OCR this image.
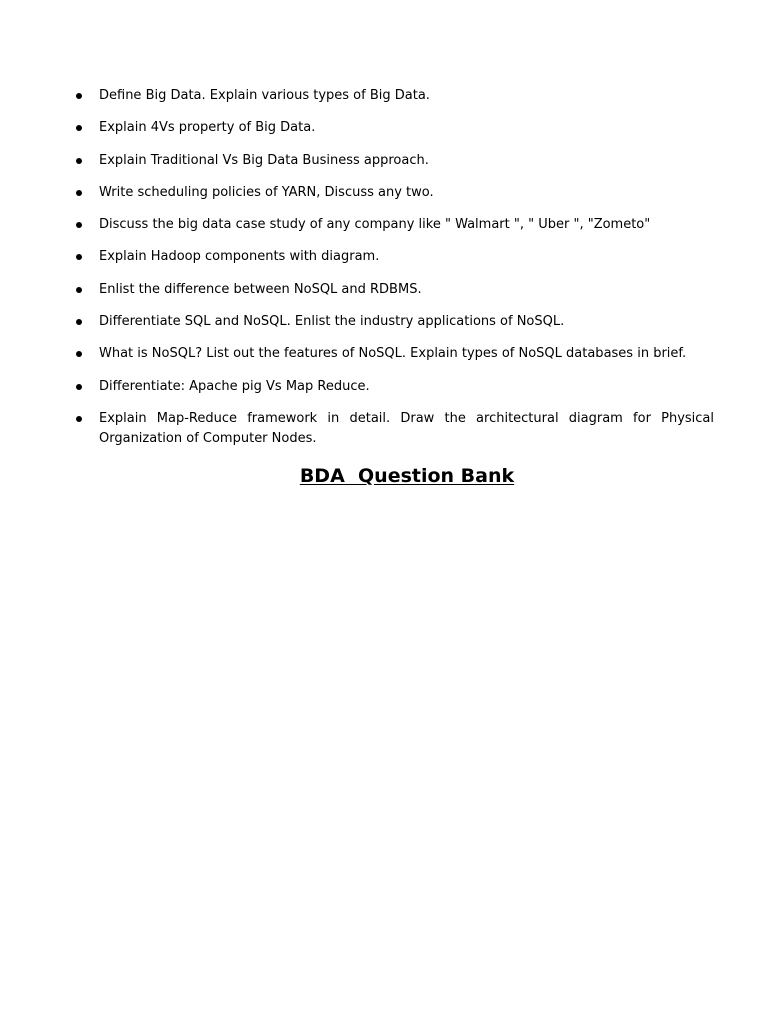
Define Big Data. Explain various types of Big Data.
Explain 4Vs property of Big Data.
Explain Traditional Vs Big Data Business approach.
Write scheduling policies of YARN, Discuss any two.
Discuss the big data case study of any company like " Walmart ", " Uber ", "Zometo"
Explain Hadoop components with diagram.
Enlist the difference between NoSQL and RDBMS.
Differentiate SQL and NoSQL. Enlist the industry applications of NoSQL.
What is NoSQL? List out the features of NoSQL. Explain types of NoSQL databases in brief.
Differentiate: Apache pig Vs Map Reduce.
Explain Map-Reduce framework in detail. Draw the architectural diagram for Physical Organization of Computer Nodes.
BDA  Question Bank
